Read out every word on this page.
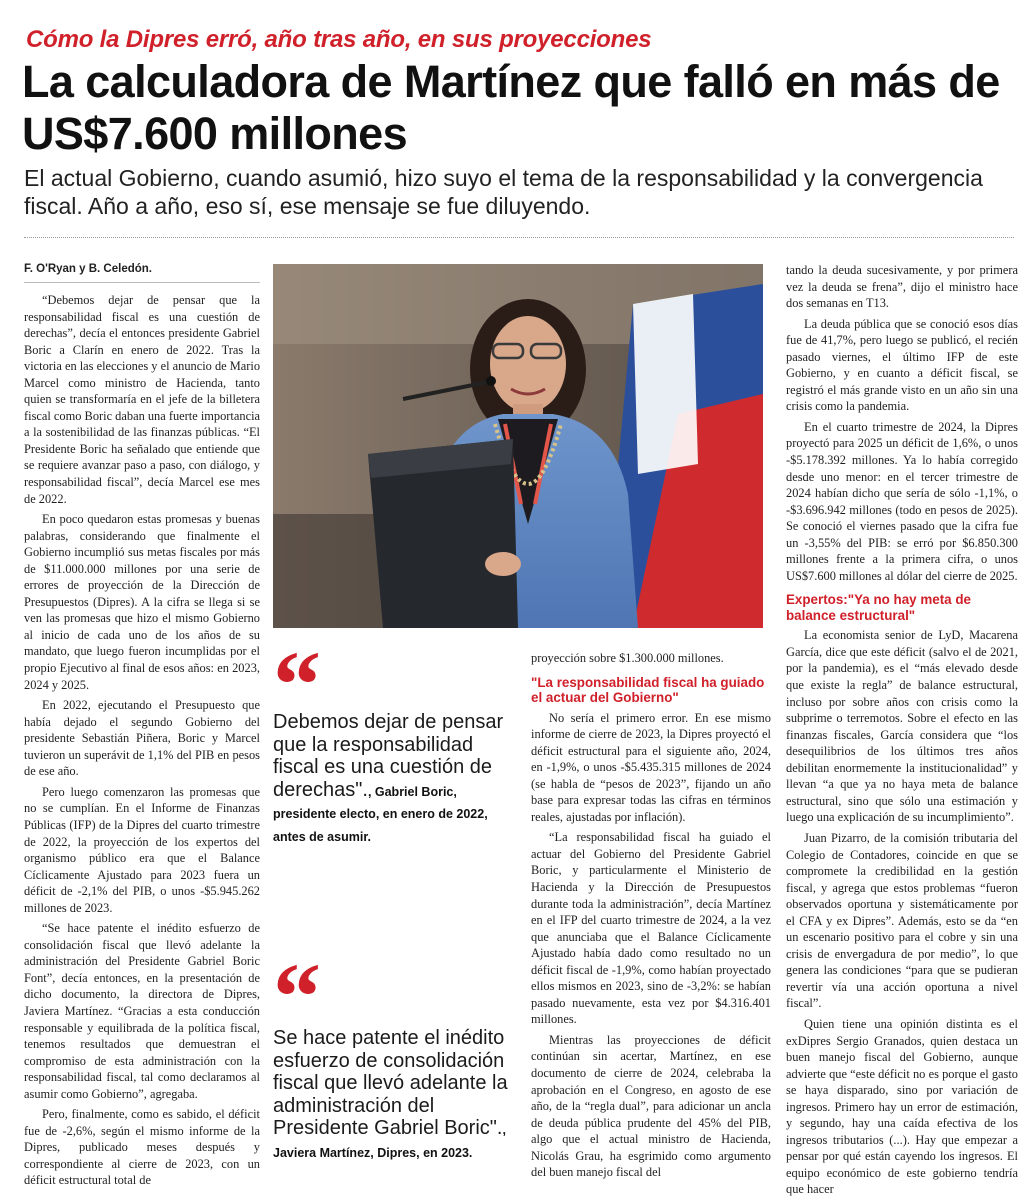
Cómo la Dipres erró, año tras año, en sus proyecciones
La calculadora de Martínez que falló en más de US$7.600 millones
El actual Gobierno, cuando asumió, hizo suyo el tema de la responsabilidad y la convergencia fiscal. Año a año, eso sí, ese mensaje se fue diluyendo.
F. O'Ryan y B. Celedón.

“Debemos dejar de pensar que la responsabilidad fiscal es una cuestión de derechas”, decía el entonces presidente Gabriel Boric a Clarín en enero de 2022. Tras la victoria en las elecciones y el anuncio de Mario Marcel como ministro de Hacienda, tanto quien se transformaría en el jefe de la billetera fiscal como Boric daban una fuerte importancia a la sostenibilidad de las finanzas públicas. “El Presidente Boric ha señalado que entiende que se requiere avanzar paso a paso, con diálogo, y responsabilidad fiscal”, decía Marcel ese mes de 2022.

En poco quedaron estas promesas y buenas palabras, considerando que finalmente el Gobierno incumplió sus metas fiscales por más de $11.000.000 millones por una serie de errores de proyección de la Dirección de Presupuestos (Dipres). A la cifra se llega si se ven las promesas que hizo el mismo Gobierno al inicio de cada uno de los años de su mandato, que luego fueron incumplidas por el propio Ejecutivo al final de esos años: en 2023, 2024 y 2025.

En 2022, ejecutando el Presupuesto que había dejado el segundo Gobierno del presidente Sebastián Piñera, Boric y Marcel tuvieron un superávit de 1,1% del PIB en pesos de ese año.

Pero luego comenzaron las promesas que no se cumplían. En el Informe de Finanzas Públicas (IFP) de la Dipres del cuarto trimestre de 2022, la proyección de los expertos del organismo público era que el Balance Cíclicamente Ajustado para 2023 fuera un déficit de -2,1% del PIB, o unos -$5.945.262 millones de 2023.

“Se hace patente el inédito esfuerzo de consolidación fiscal que llevó adelante la administración del Presidente Gabriel Boric Font”, decía entonces, en la presentación de dicho documento, la directora de Dipres, Javiera Martínez. “Gracias a esta conducción responsable y equilibrada de la política fiscal, tenemos resultados que demuestran el compromiso de esta administración con la responsabilidad fiscal, tal como declaramos al asumir como Gobierno”, agregaba.

Pero, finalmente, como es sabido, el déficit fue de -2,6%, según el mismo informe de la Dipres, publicado meses después y correspondiente al cierre de 2023, con un déficit estructural total de

“
Debemos dejar de pensar que la responsabilidad fiscal es una cuestión de derechas"., Gabriel Boric, presidente electo, en enero de 2022, antes de asumir.
“
Se hace patente el inédito esfuerzo de consolidación fiscal que llevó adelante la administración del Presidente Gabriel Boric"., Javiera Martínez, Dipres, en 2023.

proyección sobre $1.300.000 millones.

"La responsabilidad fiscal ha guiado el actuar del Gobierno"

No sería el primero error. En ese mismo informe de cierre de 2023, la Dipres proyectó el déficit estructural para el siguiente año, 2024, en -1,9%, o unos -$5.435.315 millones de 2024 (se habla de “pesos de 2023”, fijando un año base para expresar todas las cifras en términos reales, ajustadas por inflación).

“La responsabilidad fiscal ha guiado el actuar del Gobierno del Presidente Gabriel Boric, y particularmente el Ministerio de Hacienda y la Dirección de Presupuestos durante toda la administración”, decía Martínez en el IFP del cuarto trimestre de 2024, a la vez que anunciaba que el Balance Cíclicamente Ajustado había dado como resultado no un déficit fiscal de -1,9%, como habían proyectado ellos mismos en 2023, sino de -3,2%: se habían pasado nuevamente, esta vez por $4.316.401 millones.

Mientras las proyecciones de déficit continúan sin acertar, Martínez, en ese documento de cierre de 2024, celebraba la aprobación en el Congreso, en agosto de ese año, de la “regla dual”, para adicionar un ancla de deuda pública prudente del 45% del PIB, algo que el actual ministro de Hacienda, Nicolás Grau, ha esgrimido como argumento del buen manejo fiscal del

tando la deuda sucesivamente, y por primera vez la deuda se frena”, dijo el ministro hace dos semanas en T13.

La deuda pública que se conoció esos días fue de 41,7%, pero luego se publicó, el recién pasado viernes, el último IFP de este Gobierno, y en cuanto a déficit fiscal, se registró el más grande visto en un año sin una crisis como la pandemia.

En el cuarto trimestre de 2024, la Dipres proyectó para 2025 un déficit de 1,6%, o unos -$5.178.392 millones. Ya lo había corregido desde uno menor: en el tercer trimestre de 2024 habían dicho que sería de sólo -1,1%, o -$3.696.942 millones (todo en pesos de 2025). Se conoció el viernes pasado que la cifra fue un -3,55% del PIB: se erró por $6.850.300 millones frente a la primera cifra, o unos US$7.600 millones al dólar del cierre de 2025.

Expertos:"Ya no hay meta de balance estructural"

La economista senior de LyD, Macarena García, dice que este déficit (salvo el de 2021, por la pandemia), es el “más elevado desde que existe la regla” de balance estructural, incluso por sobre años con crisis como la subprime o terremotos. Sobre el efecto en las finanzas fiscales, García considera que “los desequilibrios de los últimos tres años debilitan enormemente la institucionalidad” y llevan “a que ya no haya meta de balance estructural, sino que sólo una estimación y luego una explicación de su incumplimiento”.

Juan Pizarro, de la comisión tributaria del Colegio de Contadores, coincide en que se compromete la credibilidad en la gestión fiscal, y agrega que estos problemas “fueron observados oportuna y sistemáticamente por el CFA y ex Dipres”. Además, esto se da “en un escenario positivo para el cobre y sin una crisis de envergadura de por medio”, lo que genera las condiciones “para que se pudieran revertir vía una acción oportuna a nivel fiscal”.

Quien tiene una opinión distinta es el exDipres Sergio Granados, quien destaca un buen manejo fiscal del Gobierno, aunque advierte que “este déficit no es porque el gasto se haya disparado, sino por variación de ingresos. Primero hay un error de estimación, y segundo, hay una caída efectiva de los ingresos tributarios (...). Hay que empezar a pensar por qué están cayendo los ingresos. El equipo económico de este gobierno tendría que hacer
